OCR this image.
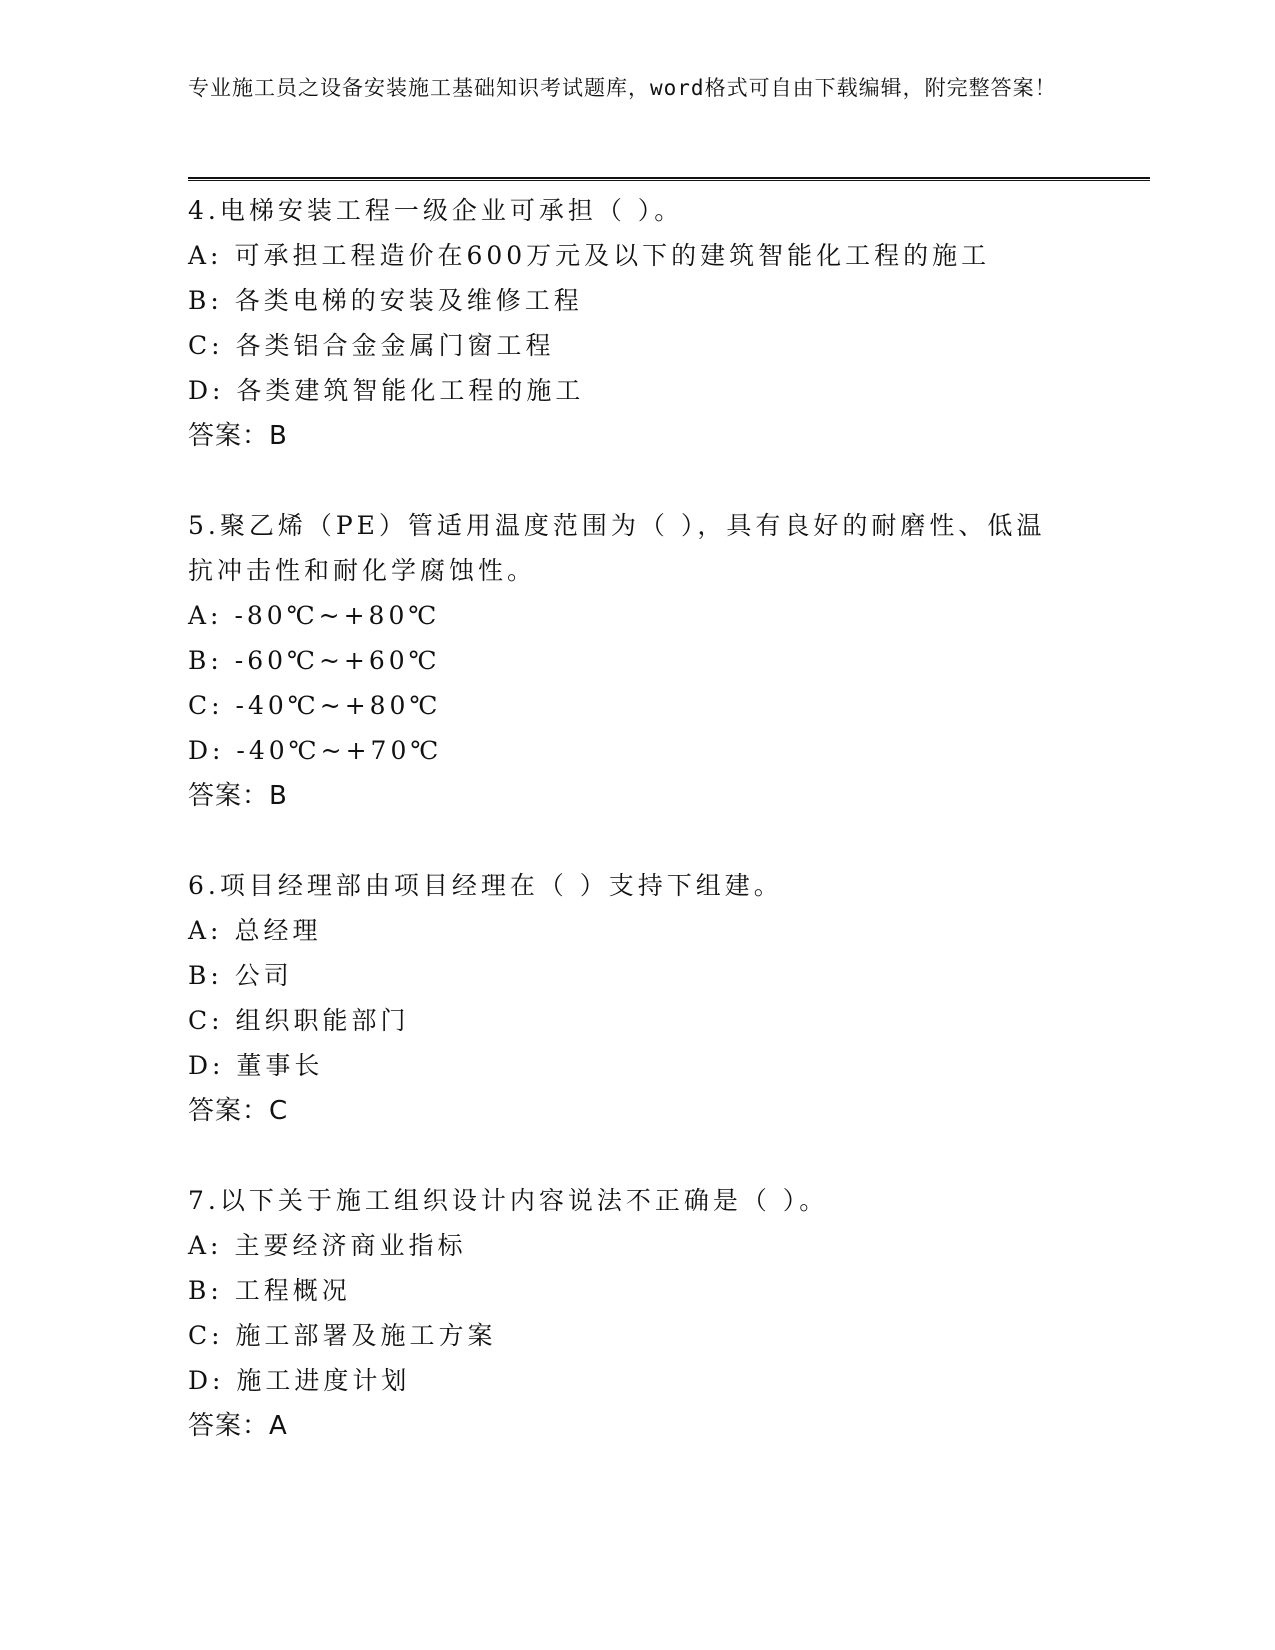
专业施工员之设备安装施工基础知识考试题库，word格式可自由下载编辑，附完整答案！
4.电梯安装工程一级企业可承担（ ）。
A: 可承担工程造价在600万元及以下的建筑智能化工程的施工
B: 各类电梯的安装及维修工程
C: 各类铝合金金属门窗工程
D: 各类建筑智能化工程的施工
答案：B
5.聚乙烯（PE）管适用温度范围为（ ），具有良好的耐磨性、低温抗冲击性和耐化学腐蚀性。
A: -80℃~+80℃
B: -60℃~+60℃
C: -40℃~+80℃
D: -40℃~+70℃
答案：B
6.项目经理部由项目经理在（ ）支持下组建。
A: 总经理
B: 公司
C: 组织职能部门
D: 董事长
答案：C
7.以下关于施工组织设计内容说法不正确是（ ）。
A: 主要经济商业指标
B: 工程概况
C: 施工部署及施工方案
D: 施工进度计划
答案：A
